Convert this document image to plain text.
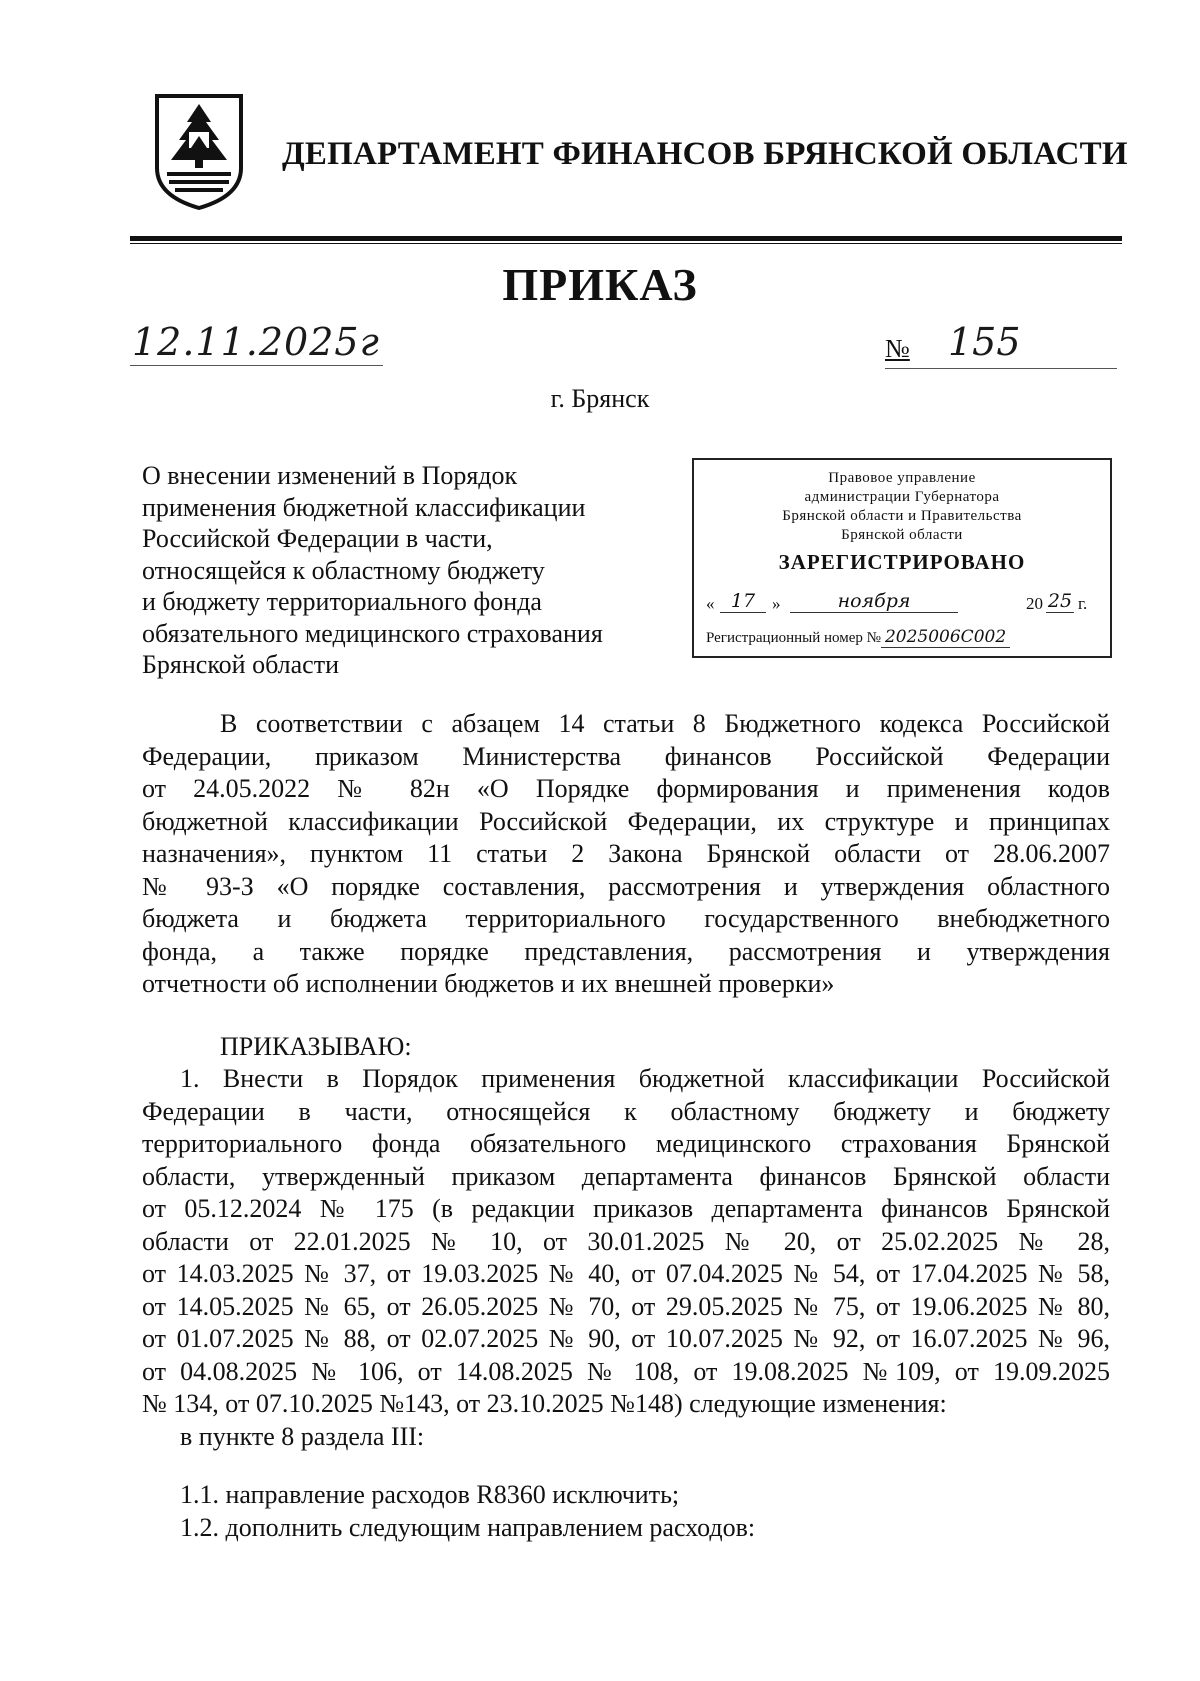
ДЕПАРТАМЕНТ ФИНАНСОВ БРЯНСКОЙ ОБЛАСТИ
ПРИКАЗ
12.11.2025г	№ 155
г. Брянск
О внесении изменений в Порядок
применения бюджетной классификации
Российской Федерации в части,
относящейся к областному бюджету
и бюджету территориального фонда
обязательного медицинского страхования
Брянской области
Правовое управление
администрации Губернатора
Брянской области и Правительства
Брянской области
ЗАРЕГИСТРИРОВАНО
« 17 »	ноября	20 25 г.
Регистрационный номер № 2025006С002
В соответствии с абзацем 14 статьи 8 Бюджетного кодекса Российской
Федерации, приказом Министерства финансов Российской Федерации
от 24.05.2022 № 82н «О Порядке формирования и применения кодов
бюджетной классификации Российской Федерации, их структуре и принципах
назначения», пунктом 11 статьи 2 Закона Брянской области от 28.06.2007
№ 93-З «О порядке составления, рассмотрения и утверждения областного
бюджета и бюджета территориального государственного внебюджетного
фонда, а также порядке представления, рассмотрения и утверждения
отчетности об исполнении бюджетов и их внешней проверки»
ПРИКАЗЫВАЮ:
1. Внести в Порядок применения бюджетной классификации Российской
Федерации в части, относящейся к областному бюджету и бюджету
территориального фонда обязательного медицинского страхования Брянской
области, утвержденный приказом департамента финансов Брянской области
от 05.12.2024 № 175 (в редакции приказов департамента финансов Брянской
области от 22.01.2025 № 10, от 30.01.2025 № 20, от 25.02.2025 № 28,
от 14.03.2025 № 37, от 19.03.2025 № 40, от 07.04.2025 № 54, от 17.04.2025 № 58,
от 14.05.2025 № 65, от 26.05.2025 № 70, от 29.05.2025 № 75, от 19.06.2025 № 80,
от 01.07.2025 № 88, от 02.07.2025 № 90, от 10.07.2025 № 92, от 16.07.2025 № 96,
от 04.08.2025 № 106, от 14.08.2025 № 108, от 19.08.2025 №109, от 19.09.2025
№ 134, от 07.10.2025 №143, от 23.10.2025 №148) следующие изменения:
в пункте 8 раздела III:
1.1. направление расходов R8360 исключить;
1.2. дополнить следующим направлением расходов:
